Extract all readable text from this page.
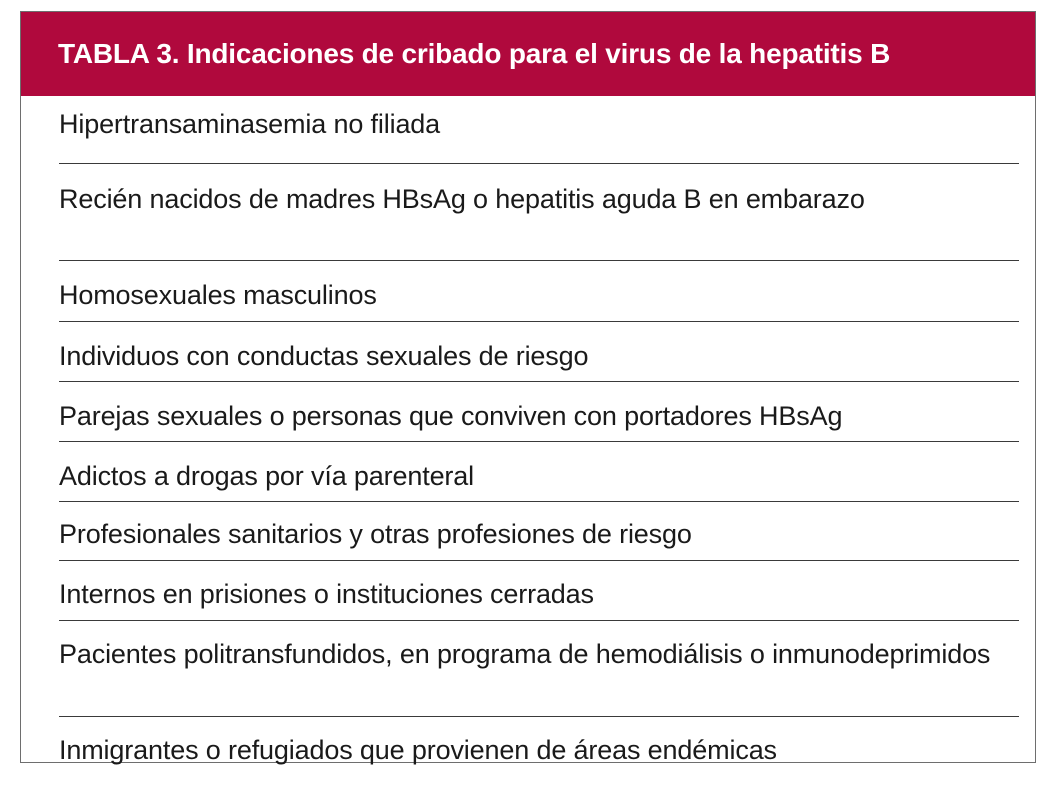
TABLA 3. Indicaciones de cribado para el virus de la hepatitis B
Hipertransaminasemia no filiada
Recién nacidos de madres HBsAg o hepatitis aguda B en embarazo
Homosexuales masculinos
Individuos con conductas sexuales de riesgo
Parejas sexuales o personas que conviven con portadores HBsAg
Adictos a drogas por vía parenteral
Profesionales sanitarios y otras profesiones de riesgo
Internos en prisiones o instituciones cerradas
Pacientes politransfundidos, en programa de hemodiálisis o inmunodeprimidos
Inmigrantes o refugiados que provienen de áreas endémicas
